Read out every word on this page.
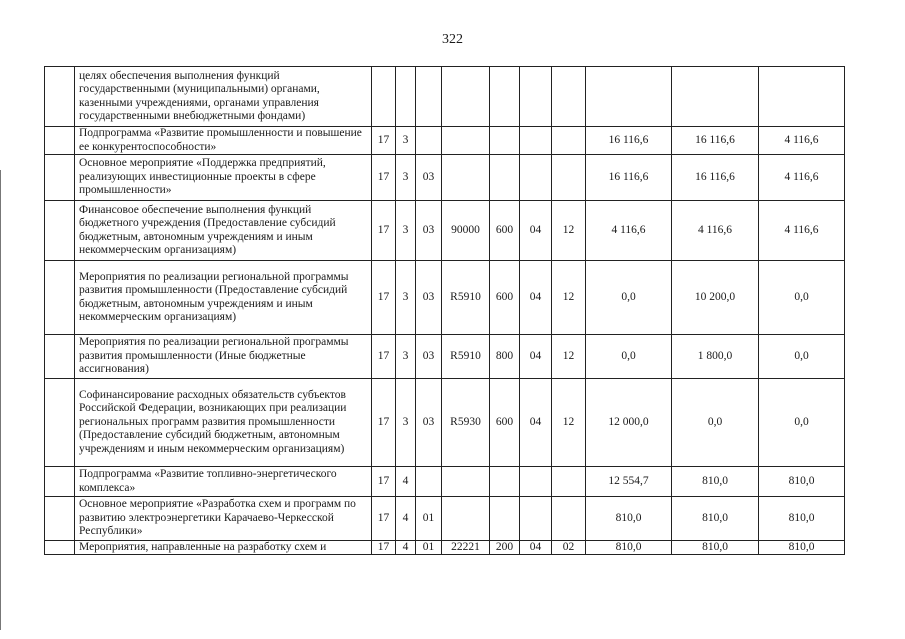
322
	целях обеспечения выполнения функций государственными (муниципальными) органами, казенными учреждениями, органами управления государственными внебюджетными фондами)										
	Подпрограмма «Развитие промышленности и повышение ее конкурентоспособности»	17	3						16 116,6	16 116,6	4 116,6
	Основное мероприятие «Поддержка предприятий, реализующих инвестиционные проекты в сфере промышленности»	17	3	03					16 116,6	16 116,6	4 116,6
	Финансовое обеспечение выполнения функций бюджетного учреждения (Предоставление субсидий бюджетным, автономным учреждениям и иным некоммерческим организациям)	17	3	03	90000	600	04	12	4 116,6	4 116,6	4 116,6
	Мероприятия по реализации региональной программы развития промышленности (Предоставление субсидий бюджетным, автономным учреждениям и иным некоммерческим организациям)	17	3	03	R5910	600	04	12	0,0	10 200,0	0,0
	Мероприятия по реализации региональной программы развития промышленности (Иные бюджетные ассигнования)	17	3	03	R5910	800	04	12	0,0	1 800,0	0,0
	Софинансирование расходных обязательств субъектов Российской Федерации, возникающих при реализации региональных программ развития промышленности (Предоставление субсидий бюджетным, автономным учреждениям и иным некоммерческим организациям)	17	3	03	R5930	600	04	12	12 000,0	0,0	0,0
	Подпрограмма «Развитие топливно-энергетического комплекса»	17	4						12 554,7	810,0	810,0
	Основное мероприятие «Разработка схем и программ по развитию электроэнергетики Карачаево-Черкесской Республики»	17	4	01					810,0	810,0	810,0
	Мероприятия, направленные на разработку схем и	17	4	01	22221	200	04	02	810,0	810,0	810,0
